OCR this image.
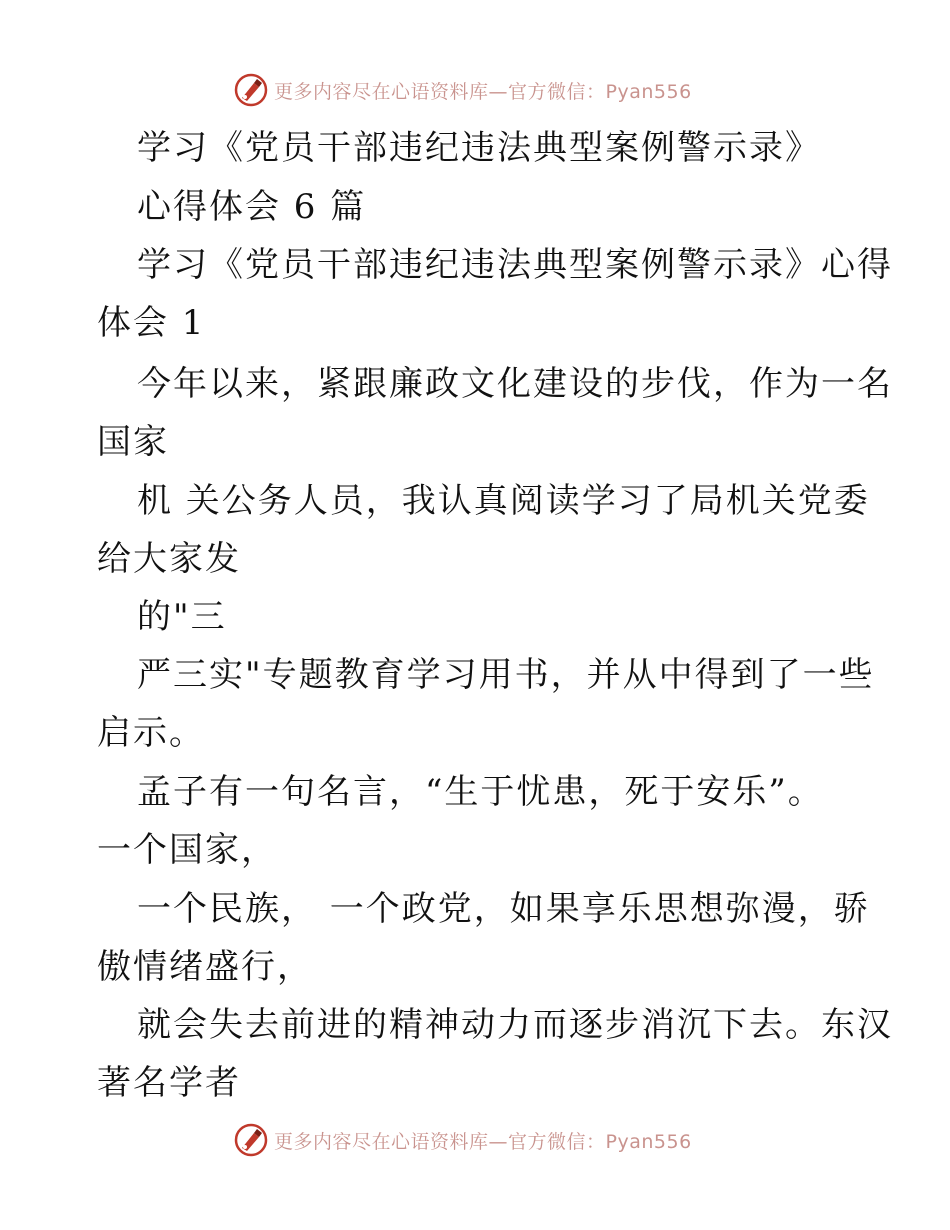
更多内容尽在心语资料库—官方微信：Pyan556
学习《党员干部违纪违法典型案例警示录》
心得体会 6 篇
学习《党员干部违纪违法典型案例警示录》心得
体会 1
今年以来，紧跟廉政文化建设的步伐，作为一名
国家
机 关公务人员，我认真阅读学习了局机关党委
给大家发
的"三
严三实"专题教育学习用书，并从中得到了一些
启示。
孟子有一句名言，“生于忧患，死于安乐”。
一个国家，
一个民族， 一个政党，如果享乐思想弥漫，骄
傲情绪盛行，
就会失去前进的精神动力而逐步消沉下去。东汉
著名学者
更多内容尽在心语资料库—官方微信：Pyan556
